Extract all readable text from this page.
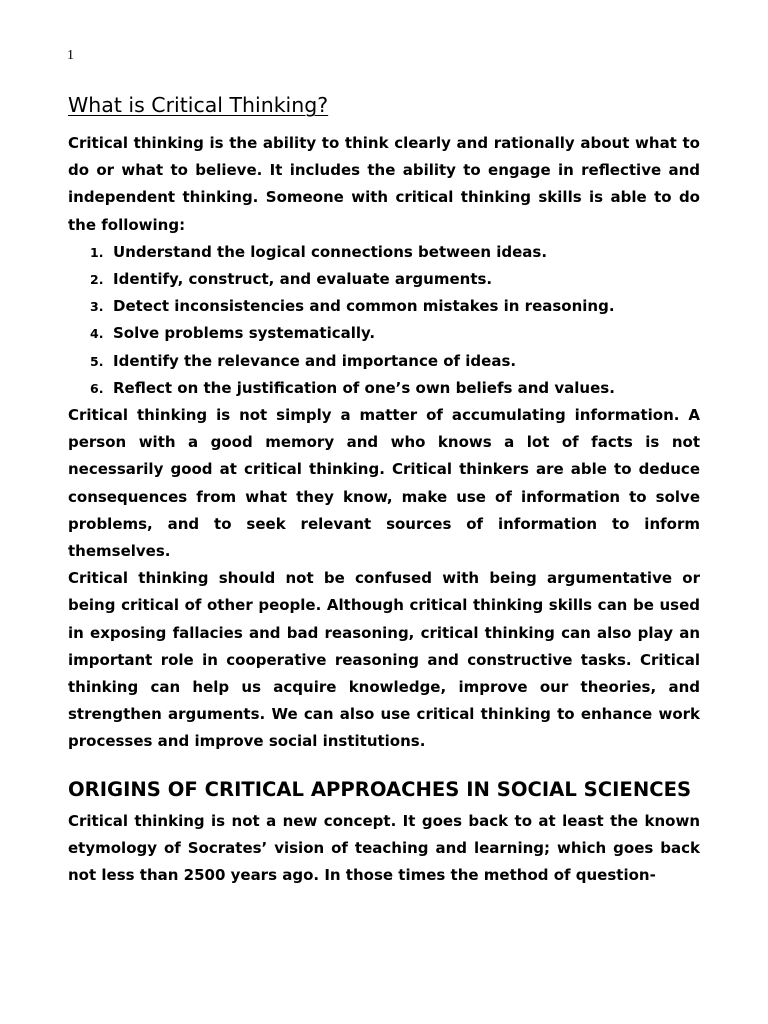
1
What is Critical Thinking?

Critical thinking is the ability to think clearly and rationally about what to do or what to believe. It includes the ability to engage in reflective and independent thinking. Someone with critical thinking skills is able to do the following:

1. Understand the logical connections between ideas.
2. Identify, construct, and evaluate arguments.
3. Detect inconsistencies and common mistakes in reasoning.
4. Solve problems systematically.
5. Identify the relevance and importance of ideas.
6. Reflect on the justification of one’s own beliefs and values.

Critical thinking is not simply a matter of accumulating information. A person with a good memory and who knows a lot of facts is not necessarily good at critical thinking. Critical thinkers are able to deduce consequences from what they know, make use of information to solve problems, and to seek relevant sources of information to inform themselves.

Critical thinking should not be confused with being argumentative or being critical of other people. Although critical thinking skills can be used in exposing fallacies and bad reasoning, critical thinking can also play an important role in cooperative reasoning and constructive tasks. Critical thinking can help us acquire knowledge, improve our theories, and strengthen arguments. We can also use critical thinking to enhance work processes and improve social institutions.

ORIGINS OF CRITICAL APPROACHES IN SOCIAL SCIENCES

Critical thinking is not a new concept. It goes back to at least the known etymology of Socrates’ vision of teaching and learning; which goes back not less than 2500 years ago. In those times the method of question-
